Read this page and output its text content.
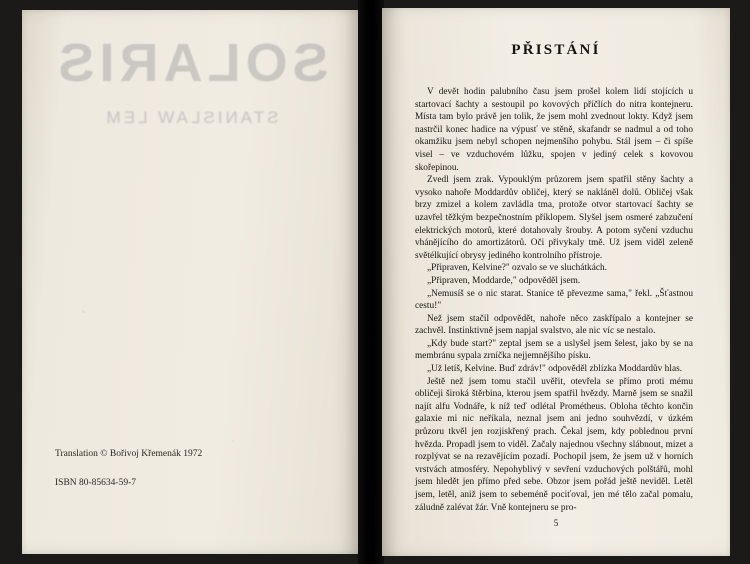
SOLARIS
STANISLAW LEM
Translation © Bořivoj Křemenák 1972
ISBN 80-85634-59-7
PŘISTÁNÍ

V devět hodin palubního času jsem prošel kolem lidí stojících u startovací šachty a sestoupil po kovových příčlích do nitra kontejneru. Místa tam bylo právě jen tolik, že jsem mohl zvednout lokty. Když jsem nastrčil konec hadice na výpusť ve stěně, skafandr se nadmul a od toho okamžiku jsem nebyl schopen nejmenšího pohybu. Stál jsem – či spíše visel – ve vzduchovém lůžku, spojen v jediný celek s kovovou skořepinou.

Zvedl jsem zrak. Vypouklým průzorem jsem spatřil stěny šachty a vysoko nahoře Moddardův obličej, který se nakláněl dolů. Obličej však brzy zmizel a kolem zavládla tma, protože otvor startovací šachty se uzavřel těžkým bezpečnostním příklopem. Slyšel jsem osmeré zabzučení elektrických motorů, které dotahovaly šrouby. A potom syčení vzduchu vhánějícího do amortizátorů. Oči přivykaly tmě. Už jsem viděl zeleně světélkující obrysy jediného kontrolního přístroje.

„Připraven, Kelvine?" ozvalo se ve sluchátkách.

„Připraven, Moddarde," odpověděl jsem.

„Nemusíš se o nic starat. Stanice tě převezme sama," řekl. „Šťastnou cestu!"

Než jsem stačil odpovědět, nahoře něco zaskřípalo a kontejner se zachvěl. Instinktivně jsem napjal svalstvo, ale nic víc se nestalo.

„Kdy bude start?" zeptal jsem se a uslyšel jsem šelest, jako by se na membránu sypala zrníčka nejjemnějšího písku.

„Už letíš, Kelvine. Buď zdráv!" odpověděl zblízka Moddardův hlas.

Ještě než jsem tomu stačil uvěřit, otevřela se přímo proti mému obličeji široká štěrbina, kterou jsem spatřil hvězdy. Marně jsem se snažil najít alfu Vodnáře, k níž teď odlétal Prométheus. Obloha těchto končin galaxie mi nic neříkala, neznal jsem ani jedno souhvězdí, v úzkém průzoru tkvěl jen rozjiskřený prach. Čekal jsem, kdy poblednou první hvězda. Propadl jsem to viděl. Začaly najednou všechny slábnout, mizet a rozplývat se na rezavějícím pozadí. Pochopil jsem, že jsem už v horních vrstvách atmosféry. Nepohyblivý v sevření vzduchových polštářů, mohl jsem hledět jen přímo před sebe. Obzor jsem pořád ještě neviděl. Letěl jsem, letěl, aniž jsem to sebeméně pociťoval, jen mé tělo začal pomalu, záludně zalévat žár. Vně kontejneru se pro-

5
